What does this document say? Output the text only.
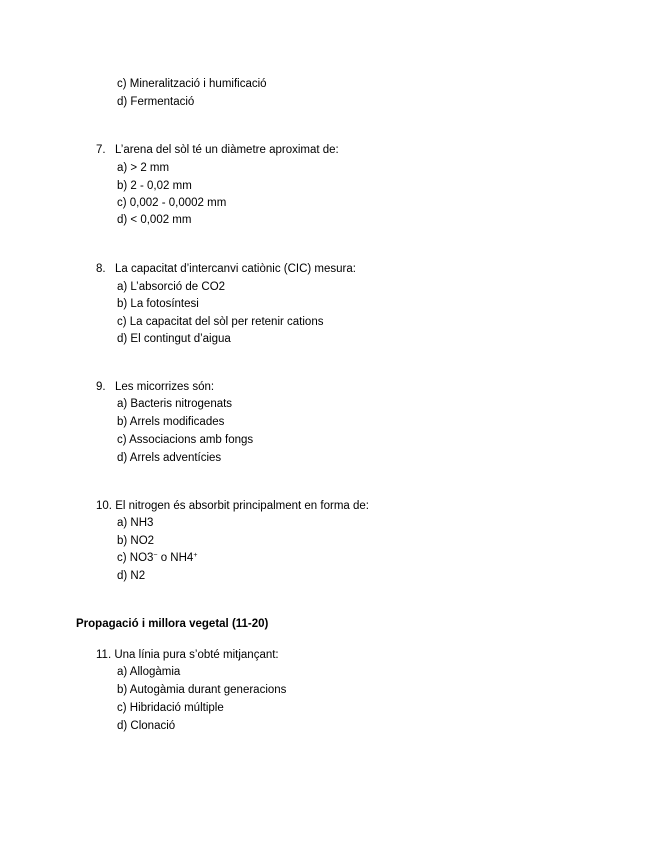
c) Mineralització i humificació
d) Fermentació
7. L’arena del sòl té un diàmetre aproximat de:
a) > 2 mm
b) 2 - 0,02 mm
c) 0,002 - 0,0002 mm
d) < 0,002 mm
8. La capacitat d’intercanvi catiònic (CIC) mesura:
a) L’absorció de CO2
b) La fotosíntesi
c) La capacitat del sòl per retenir cations
d) El contingut d’aigua
9. Les micorrizes són:
a) Bacteris nitrogenats
b) Arrels modificades
c) Associacions amb fongs
d) Arrels adventícies
10. El nitrogen és absorbit principalment en forma de:
a) NH3
b) NO2
c) NO3− o NH4+
d) N2
Propagació i millora vegetal (11-20)
11. Una línia pura s’obté mitjançant:
a) Allogàmia
b) Autogàmia durant generacions
c) Hibridació múltiple
d) Clonació
